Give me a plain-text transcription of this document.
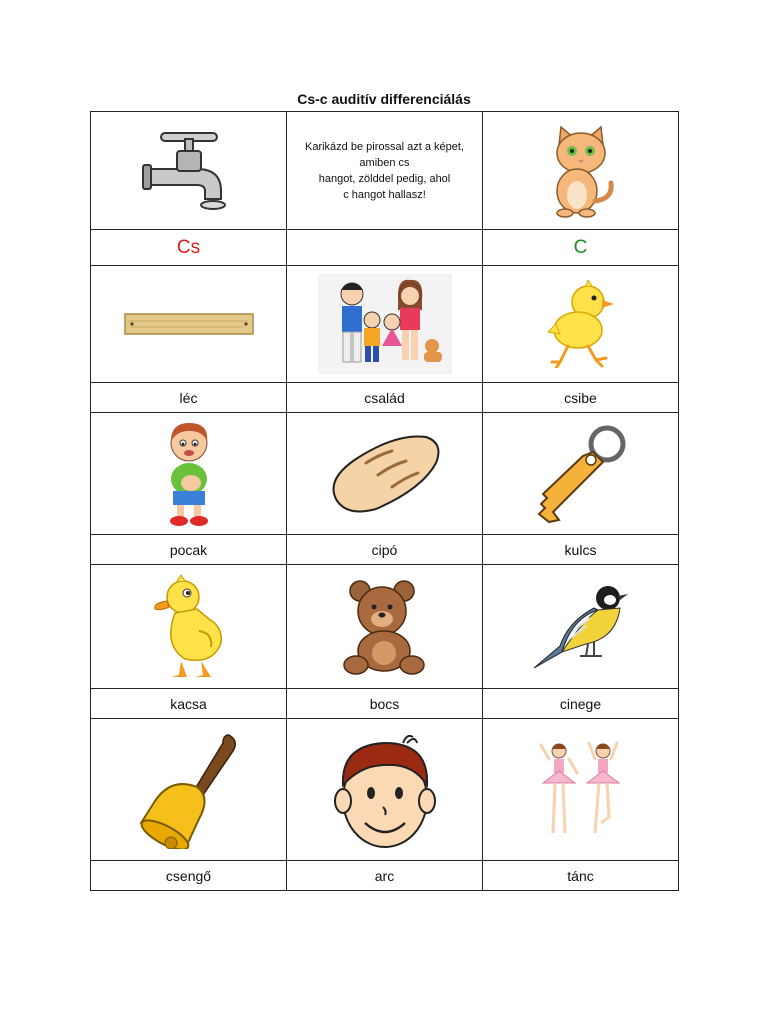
Cs-c auditív differenciálás

Karikázd be pirossal azt a képet,
amiben cs
hangot, zölddel pedig, ahol
c hangot hallasz!

Cs		C

léc	család	csibe

pocak	cipó	kulcs

kacsa	bocs	cinege

csengő	arc	tánc
